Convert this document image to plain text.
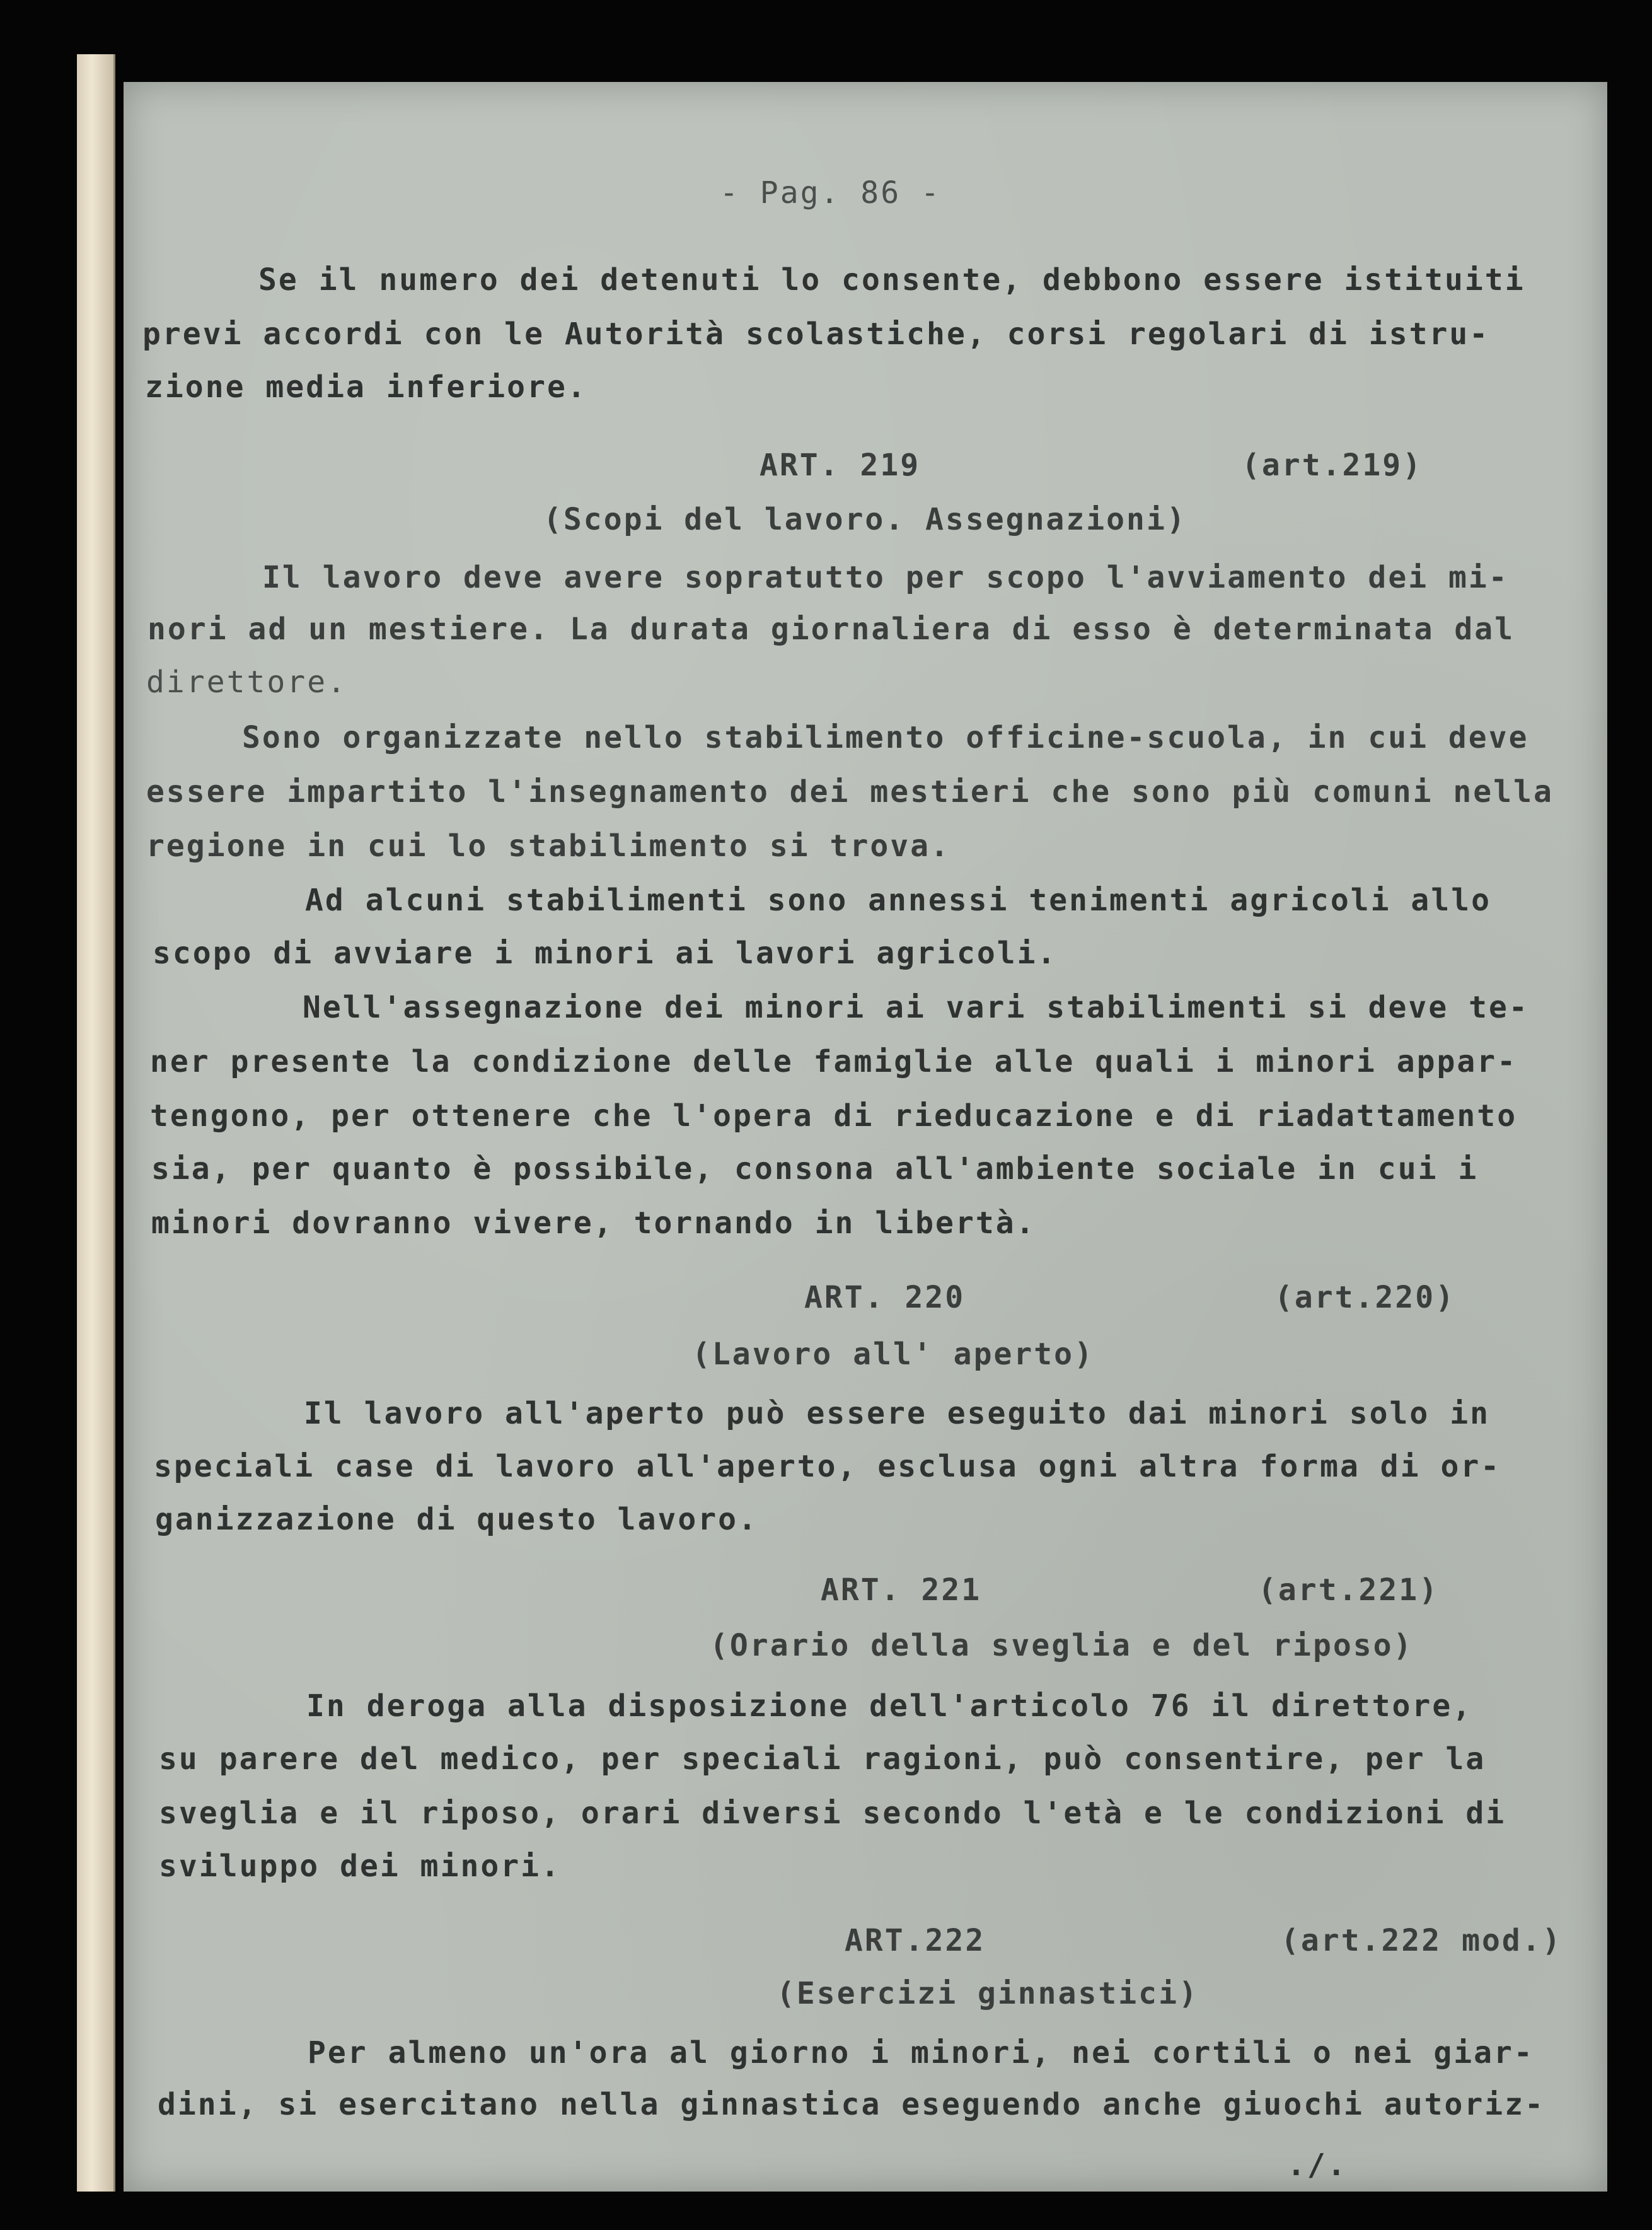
- Pag. 86 -

Se il numero dei detenuti lo consente, debbono essere istituiti

previ accordi con le Autorità scolastiche, corsi regolari di istru-

zione media inferiore.

ART. 219	(art.219)

(Scopi del lavoro. Assegnazioni)

Il lavoro deve avere sopratutto per scopo l'avviamento dei mi-

nori ad un mestiere. La durata giornaliera di esso è determinata dal

direttore.

Sono organizzate nello stabilimento officine-scuola, in cui deve

essere impartito l'insegnamento dei mestieri che sono più comuni nella

regione in cui lo stabilimento si trova.

Ad alcuni stabilimenti sono annessi tenimenti agricoli allo

scopo di avviare i minori ai lavori agricoli.

Nell'assegnazione dei minori ai vari stabilimenti si deve te-

ner presente la condizione delle famiglie alle quali i minori appar-

tengono, per ottenere che l'opera di rieducazione e di riadattamento

sia, per quanto è possibile, consona all'ambiente sociale in cui i

minori dovranno vivere, tornando in libertà.

ART. 220	(art.220)

(Lavoro all' aperto)

Il lavoro all'aperto può essere eseguito dai minori solo in

speciali case di lavoro all'aperto, esclusa ogni altra forma di or-

ganizzazione di questo lavoro.

ART. 221	(art.221)

(Orario della sveglia e del riposo)

In deroga alla disposizione dell'articolo 76 il direttore,

su parere del medico, per speciali ragioni, può consentire, per la

sveglia e il riposo, orari diversi secondo l'età e le condizioni di

sviluppo dei minori.

ART.222	(art.222 mod.)

(Esercizi ginnastici)

Per almeno un'ora al giorno i minori, nei cortili o nei giar-

dini, si esercitano nella ginnastica eseguendo anche giuochi autoriz-

./.
